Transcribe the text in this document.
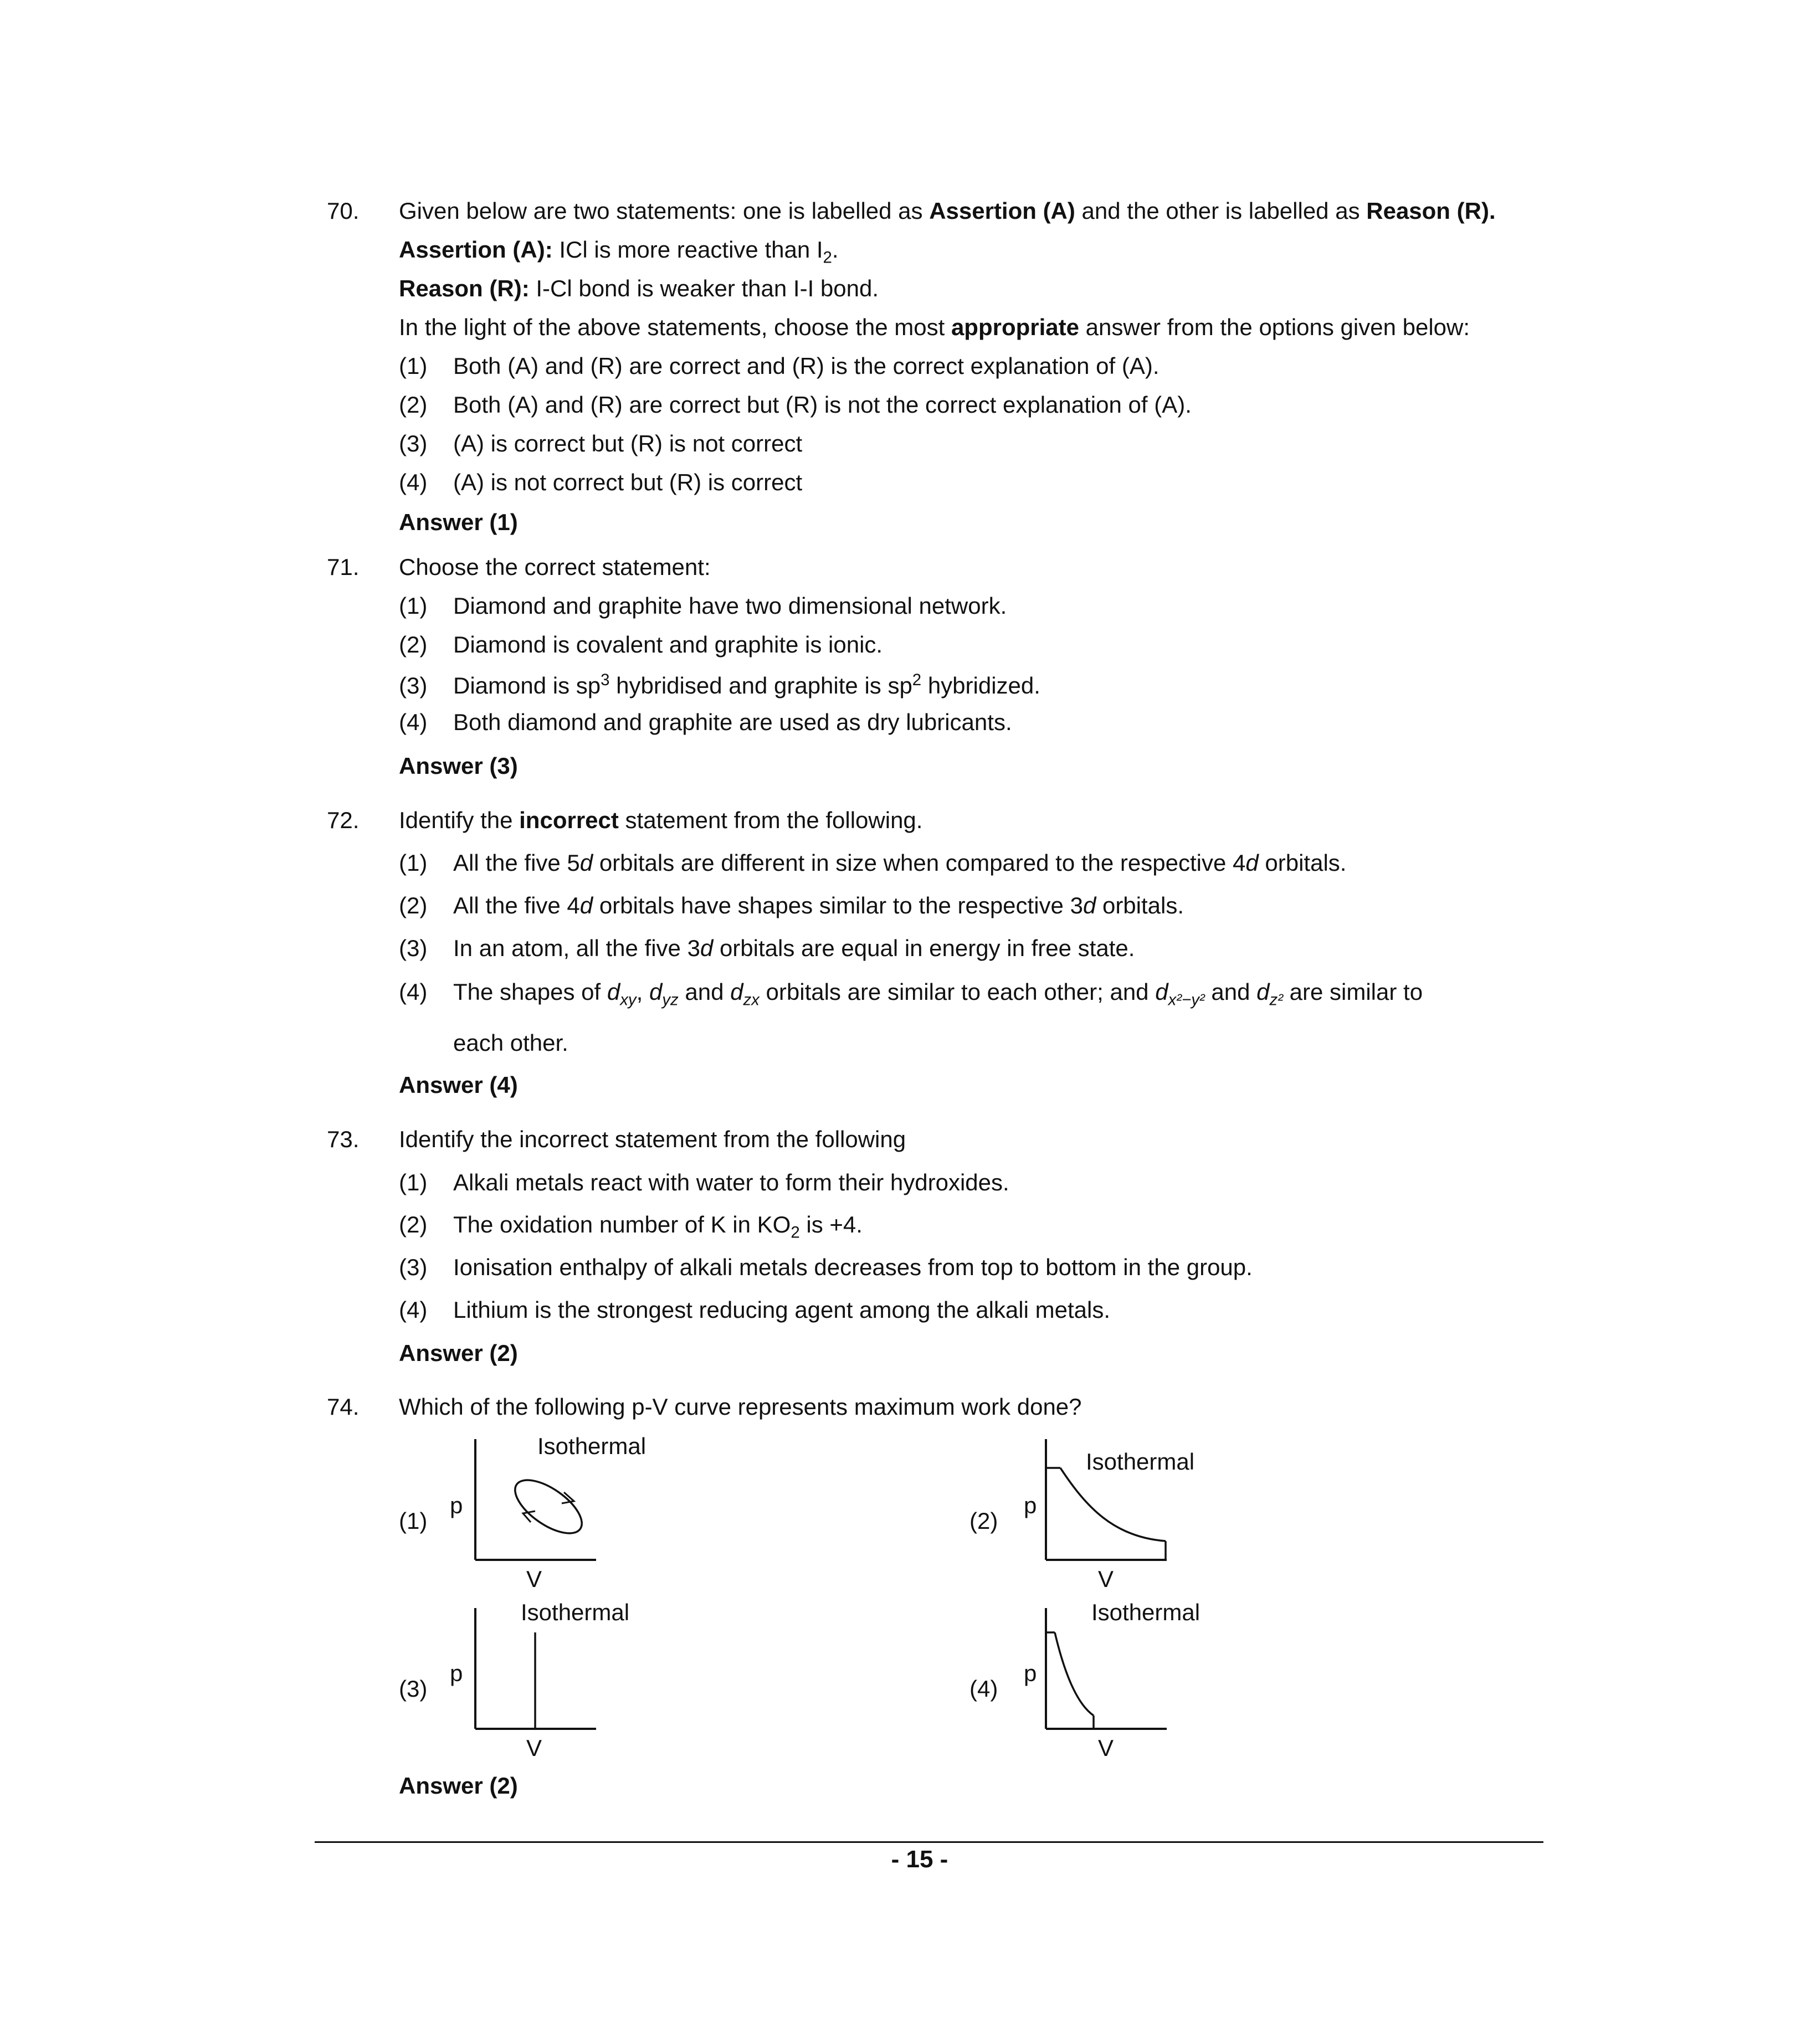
70. Given below are two statements: one is labelled as Assertion (A) and the other is labelled as Reason (R).
Assertion (A): ICl is more reactive than $I_2$.
Reason (R): I-Cl bond is weaker than I-I bond.
In the light of the above statements, choose the most appropriate answer from the options given below:
(1) Both (A) and (R) are correct and (R) is the correct explanation of (A).
(2) Both (A) and (R) are correct but (R) is not the correct explanation of (A).
(3) (A) is correct but (R) is not correct
(4) (A) is not correct but (R) is correct
Answer (1)
71. Choose the correct statement:
(1) Diamond and graphite have two dimensional network.
(2) Diamond is covalent and graphite is ionic.
(3) Diamond is $sp^3$ hybridised and graphite is $sp^2$ hybridized.
(4) Both diamond and graphite are used as dry lubricants.
Answer (3)
72. Identify the incorrect statement from the following.
(1) All the five 5d orbitals are different in size when compared to the respective 4d orbitals.
(2) All the five 4d orbitals have shapes similar to the respective 3d orbitals.
(3) In an atom, all the five 3d orbitals are equal in energy in free state.
(4) The shapes of $d_{xy}$, $d_{yz}$ and $d_{zx}$ orbitals are similar to each other; and $d_{x^2-y^2}$ and $d_{z^2}$ are similar to
each other.
Answer (4)
73. Identify the incorrect statement from the following
(1) Alkali metals react with water to form their hydroxides.
(2) The oxidation number of K in $KO_2$ is +4.
(3) Ionisation enthalpy of alkali metals decreases from top to bottom in the group.
(4) Lithium is the strongest reducing agent among the alkali metals.
Answer (2)
74. Which of the following p-V curve represents maximum work done?
(1)
p
Isothermal
V
(2)
p
Isothermal
V
(3)
p
Isothermal
V
(4)
p
Isothermal
V
Answer (2)
- 15 -
